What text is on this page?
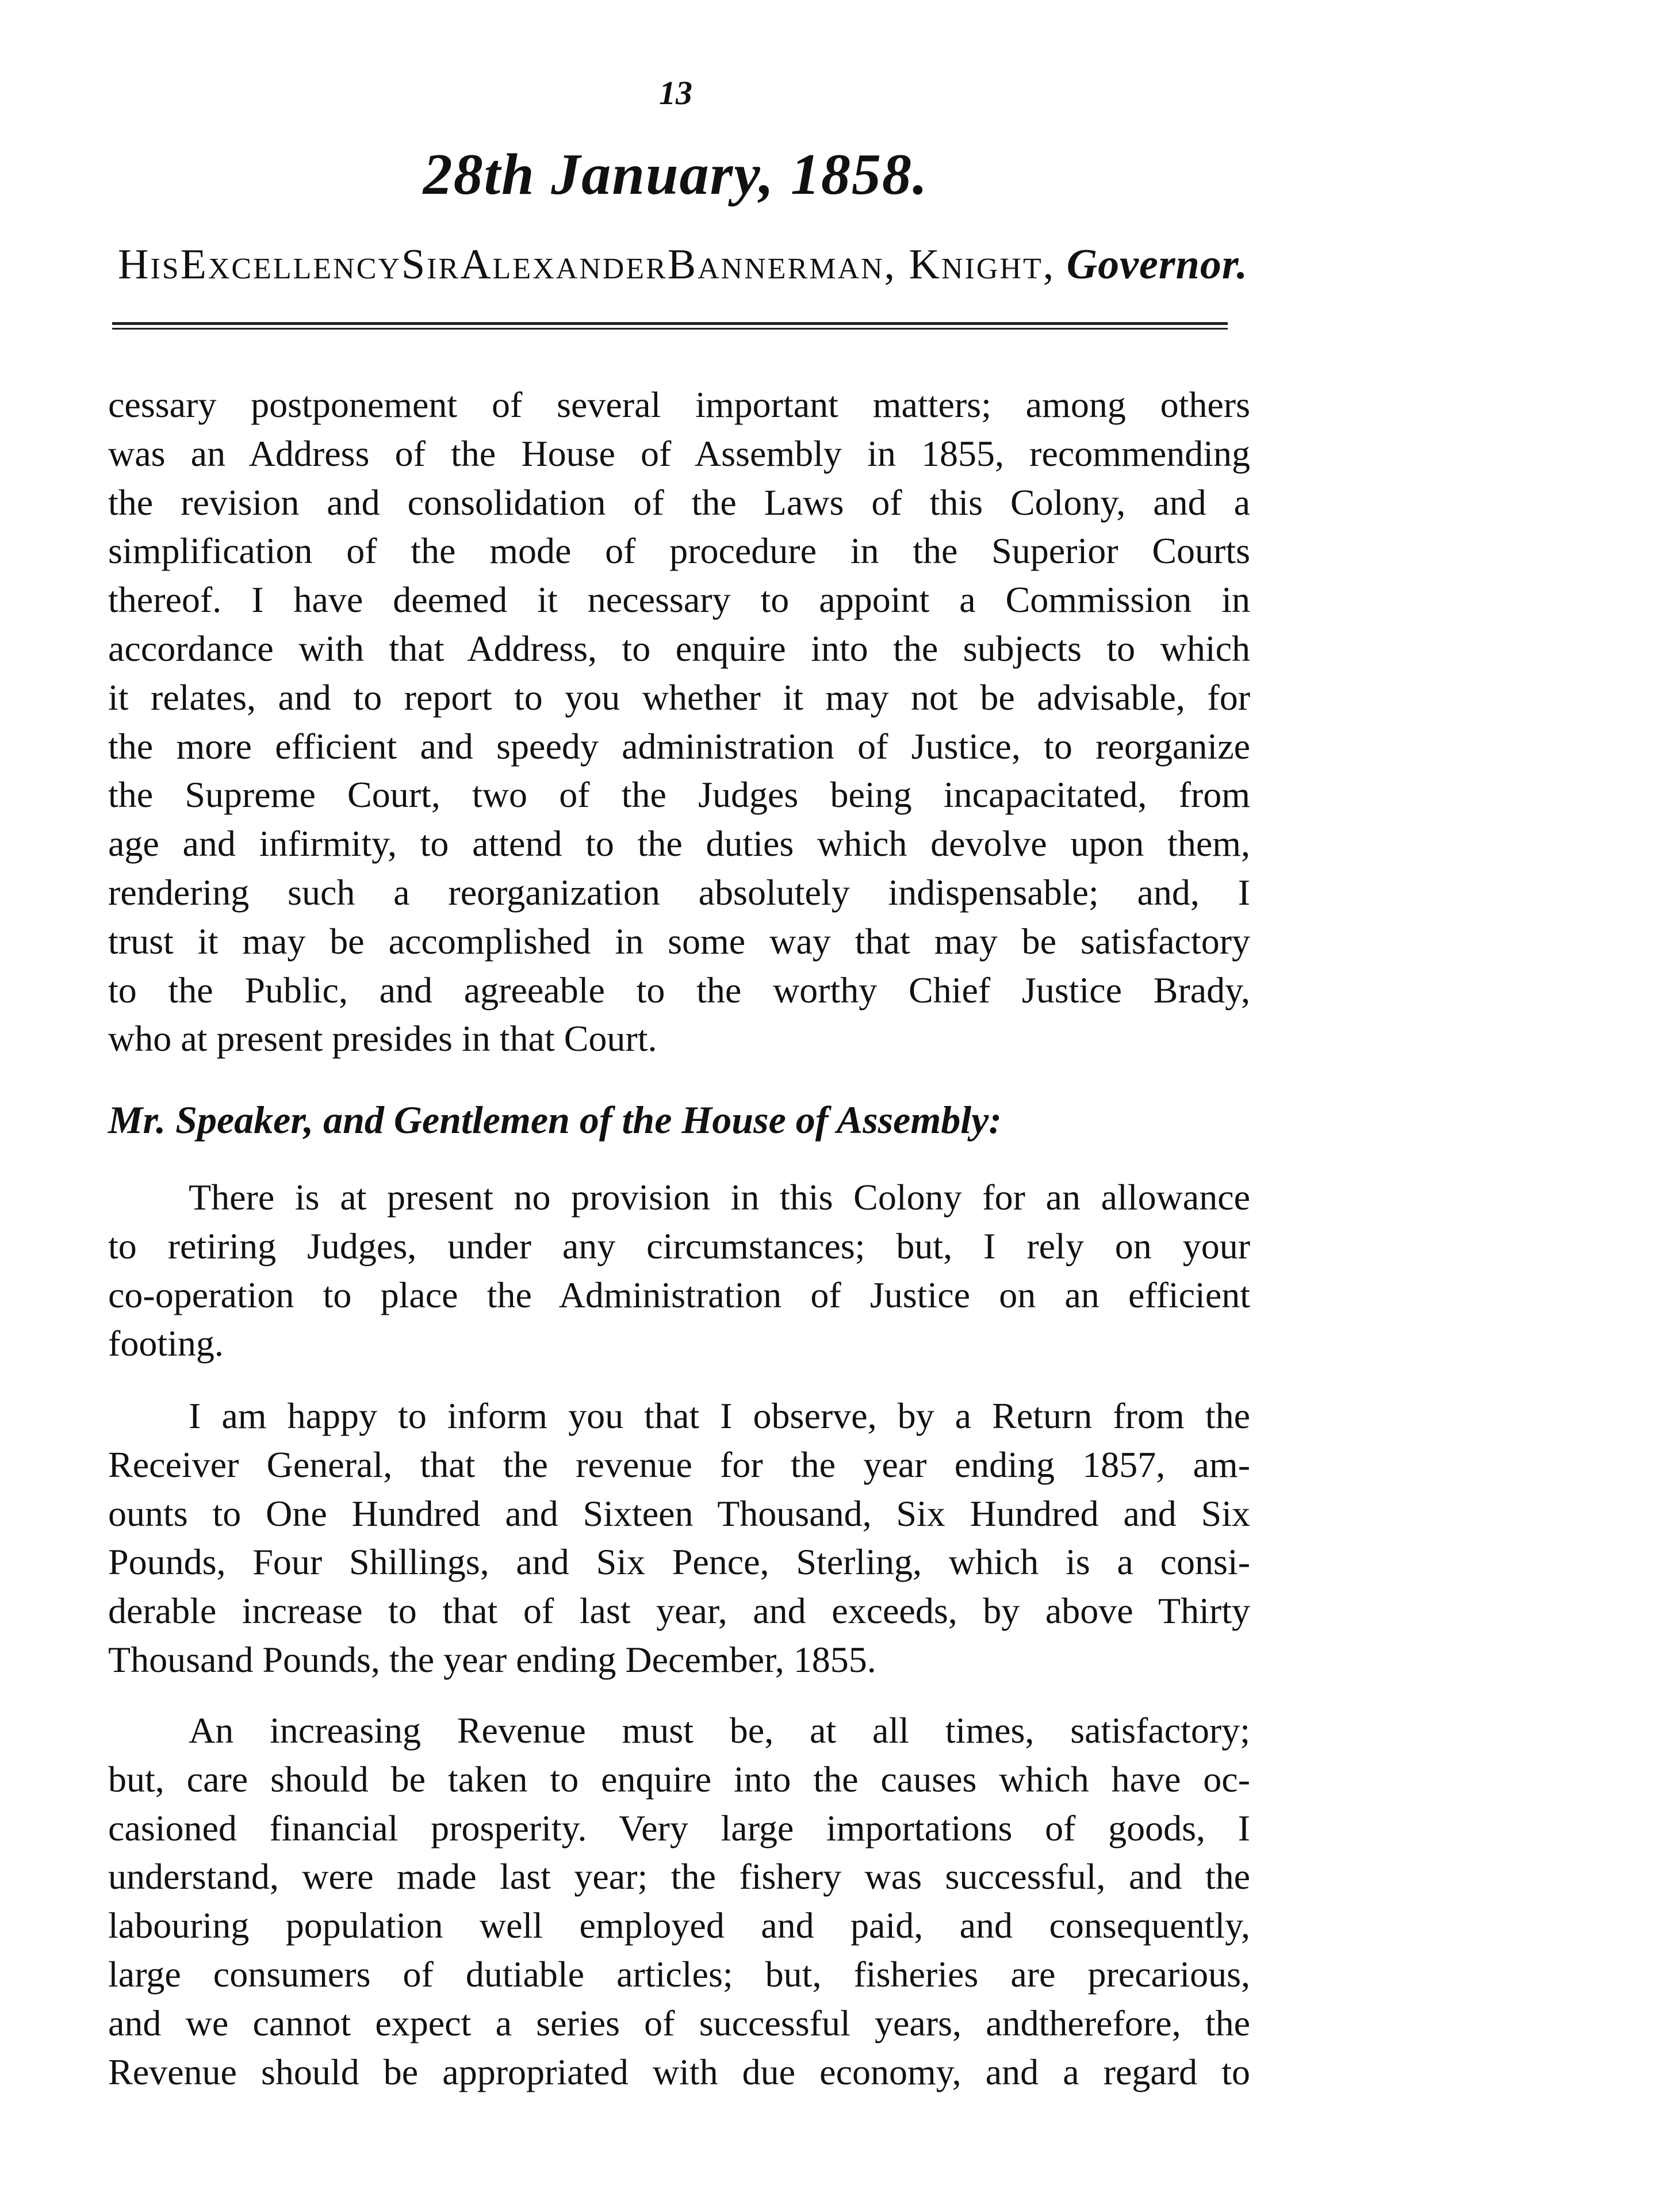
13
28th January, 1858.
HisExcellencySirAlexanderBannerman, Knight, Governor.
cessary postponement of several important matters; among others
was an Address of the House of Assembly in 1855, recommending
the revision and consolidation of the Laws of this Colony, and a
simplification of the mode of procedure in the Superior Courts
thereof. I have deemed it necessary to appoint a Commission in
accordance with that Address, to enquire into the subjects to which
it relates, and to report to you whether it may not be advisable, for
the more efficient and speedy administration of Justice, to reorganize
the Supreme Court, two of the Judges being incapacitated, from
age and infirmity, to attend to the duties which devolve upon them,
rendering such a reorganization absolutely indispensable; and, I
trust it may be accomplished in some way that may be satisfactory
to the Public, and agreeable to the worthy Chief Justice Brady,
who at present presides in that Court.
Mr. Speaker, and Gentlemen of the House of Assembly:
There is at present no provision in this Colony for an allowance
to retiring Judges, under any circumstances; but, I rely on your
co-operation to place the Administration of Justice on an efficient
footing.
I am happy to inform you that I observe, by a Return from the
Receiver General, that the revenue for the year ending 1857, am-
ounts to One Hundred and Sixteen Thousand, Six Hundred and Six
Pounds, Four Shillings, and Six Pence, Sterling, which is a consi-
derable increase to that of last year, and exceeds, by above Thirty
Thousand Pounds, the year ending December, 1855.
An increasing Revenue must be, at all times, satisfactory;
but, care should be taken to enquire into the causes which have oc-
casioned financial prosperity. Very large importations of goods, I
understand, were made last year; the fishery was successful, and the
labouring population well employed and paid, and consequently,
large consumers of dutiable articles; but, fisheries are precarious,
and we cannot expect a series of successful years, andtherefore, the
Revenue should be appropriated with due economy, and a regard to
